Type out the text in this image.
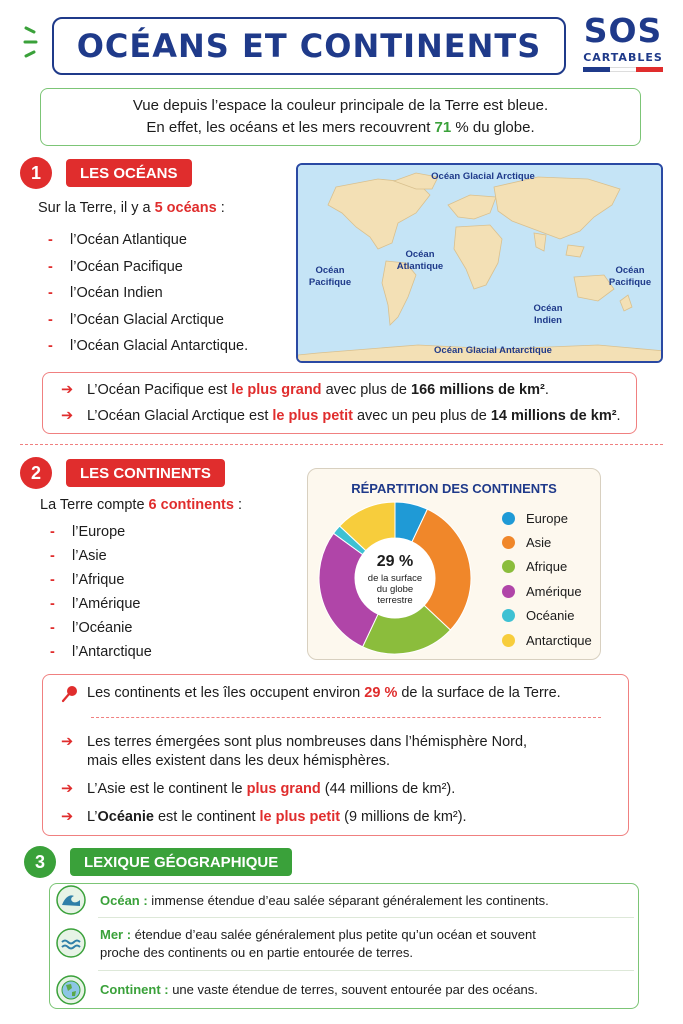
OCÉANS ET CONTINENTS	SOS
CARTABLES
Vue depuis l’espace la couleur principale de la Terre est bleue.
En effet, les océans et les mers recouvrent 71 % du globe.
1	LES OCÉANS
Sur la Terre, il y a 5 océans :
- l’Océan Atlantique
- l’Océan Pacifique
- l’Océan Indien
- l’Océan Glacial Arctique
- l’Océan Glacial Antarctique.
Océan Glacial Arctique
Océan Pacifique
Océan Atlantique	Océan Pacifique
Océan Indien
Océan Glacial Antarctique
➔ L’Océan Pacifique est le plus grand avec plus de 166 millions de km².
➔ L’Océan Glacial Arctique est le plus petit avec un peu plus de 14 millions de km².
2	LES CONTINENTS
La Terre compte 6 continents :
- l’Europe
- l’Asie
- l’Afrique
- l’Amérique
- l’Océanie
- l’Antarctique
RÉPARTITION DES CONTINENTS
29 %
de la surface
du globe
terrestre
Europe
Asie
Afrique
Amérique
Océanie
Antarctique
Les continents et les îles occupent environ 29 % de la surface de la Terre.
➔ Les terres émergées sont plus nombreuses dans l’hémisphère Nord,
mais elles existent dans les deux hémisphères.
➔ L’Asie est le continent le plus grand (44 millions de km²).
➔ L’Océanie est le continent le plus petit (9 millions de km²).
3	LEXIQUE GÉOGRAPHIQUE
Océan : immense étendue d’eau salée séparant généralement les continents.
Mer : étendue d’eau salée généralement plus petite qu’un océan et souvent
proche des continents ou en partie entourée de terres.
Continent : une vaste étendue de terres, souvent entourée par des océans.
